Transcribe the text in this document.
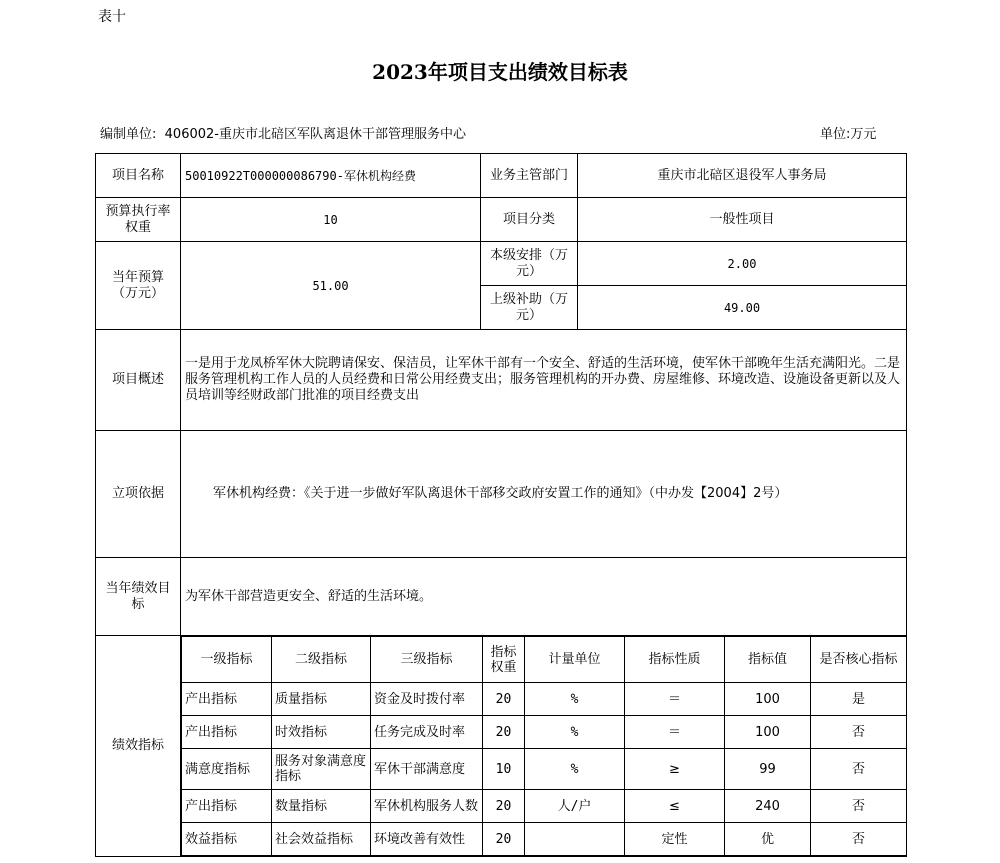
表十
2023年项目支出绩效目标表
编制单位: 406002-重庆市北碚区军队离退休干部管理服务中心	单位:万元
项目名称	50010922T000000086790-军休机构经费	业务主管部门	重庆市北碚区退役军人事务局
预算执行率权重	10	项目分类	一般性项目
当年预算（万元）	51.00	本级安排（万元）	2.00
上级补助（万元）	49.00
项目概述	一是用于龙凤桥军休大院聘请保安、保洁员，让军休干部有一个安全、舒适的生活环境，使军休干部晚年生活充满阳光。二是服务管理机构工作人员的人员经费和日常公用经费支出；服务管理机构的开办费、房屋维修、环境改造、设施设备更新以及人员培训等经财政部门批准的项目经费支出
立项依据	军休机构经费：《关于进一步做好军队离退休干部移交政府安置工作的通知》（中办发【2004】2号）
当年绩效目标	为军休干部营造更安全、舒适的生活环境。
绩效指标	
一级指标	二级指标	三级指标	指标权重	计量单位	指标性质	指标值	是否核心指标
产出指标	质量指标	资金及时拨付率	20	%	＝	100	是
产出指标	时效指标	任务完成及时率	20	%	＝	100	否
满意度指标	服务对象满意度指标	军休干部满意度	10	%	≥	99	否
产出指标	数量指标	军休机构服务人数	20	人/户	≤	240	否
效益指标	社会效益指标	环境改善有效性	20		定性	优	否
